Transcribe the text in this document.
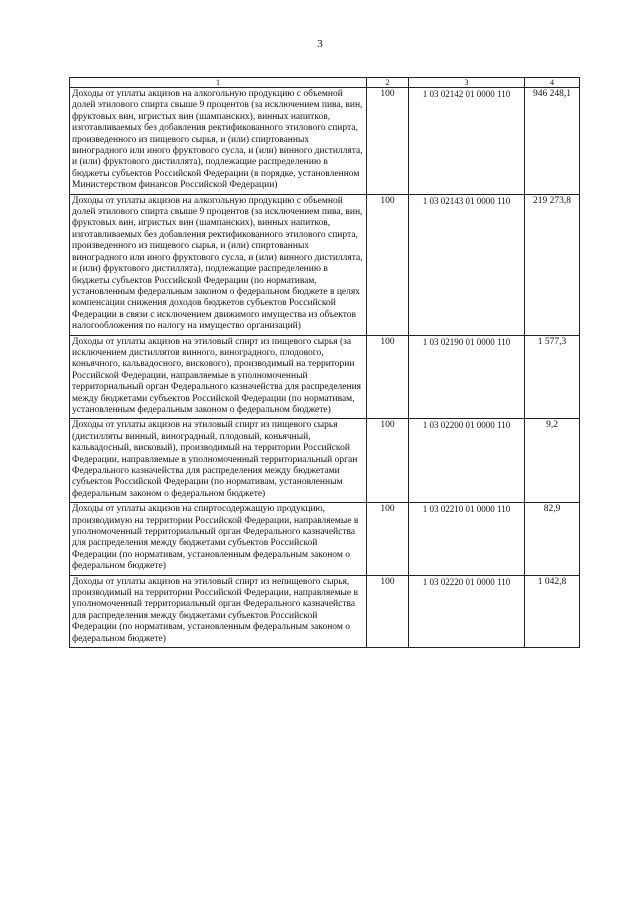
3
1	2	3	4
Доходы от уплаты акцизов на алкогольную продукцию с объемной долей этилового спирта свыше 9 процентов (за исключением пива, вин, фруктовых вин, игристых вин (шампанских), винных напитков, изготавливаемых без добавления ректификованного этилового спирта, произведенного из пищевого сырья, и (или) спиртованных виноградного или иного фруктового сусла, и (или) винного дистиллята, и (или) фруктового дистиллята), подлежащие распределению в бюджеты субъектов Российской Федерации (в порядке, установленном Министерством финансов Российской Федерации)	100	1 03 02142 01 0000 110	946 248,1
Доходы от уплаты акцизов на алкогольную продукцию с объемной долей этилового спирта свыше 9 процентов (за исключением пива, вин, фруктовых вин, игристых вин (шампанских), винных напитков, изготавливаемых без добавления ректификованного этилового спирта, произведенного из пищевого сырья, и (или) спиртованных виноградного или иного фруктового сусла, и (или) винного дистиллята, и (или) фруктового дистиллята), подлежащие распределению в бюджеты субъектов Российской Федерации (по нормативам, установленным федеральным законом о федеральном бюджете в целях компенсации снижения доходов бюджетов субъектов Российской Федерации в связи с исключением движимого имущества из объектов налогообложения по налогу на имущество организаций)	100	1 03 02143 01 0000 110	219 273,8
Доходы от уплаты акцизов на этиловый спирт из пищевого сырья (за исключением дистиллятов винного, виноградного, плодового, коньячного, кальвадосного, вискового), производимый на территории Российской Федерации, направляемые в уполномоченный территориальный орган Федерального казначейства для распределения между бюджетами субъектов Российской Федерации (по нормативам, установленным федеральным законом о федеральном бюджете)	100	1 03 02190 01 0000 110	1 577,3
Доходы от уплаты акцизов на этиловый спирт из пищевого сырья (дистилляты винный, виноградный, плодовый, коньячный, кальвадосный, висковый), производимый на территории Российской Федерации, направляемые в уполномоченный территориальный орган Федерального казначейства для распределения между бюджетами субъектов Российской Федерации (по нормативам, установленным федеральным законом о федеральном бюджете)	100	1 03 02200 01 0000 110	9,2
Доходы от уплаты акцизов на спиртосодержащую продукцию, производимую на территории Российской Федерации, направляемые в уполномоченный территориальный орган Федерального казначейства для распределения между бюджетами субъектов Российской Федерации (по нормативам, установленным федеральным законом о федеральном бюджете)	100	1 03 02210 01 0000 110	82,9
Доходы от уплаты акцизов на этиловый спирт из непищевого сырья, производимый на территории Российской Федерации, направляемые в уполномоченный территориальный орган Федерального казначейства для распределения между бюджетами субъектов Российской Федерации (по нормативам, установленным федеральным законом о федеральном бюджете)	100	1 03 02220 01 0000 110	1 042,8
